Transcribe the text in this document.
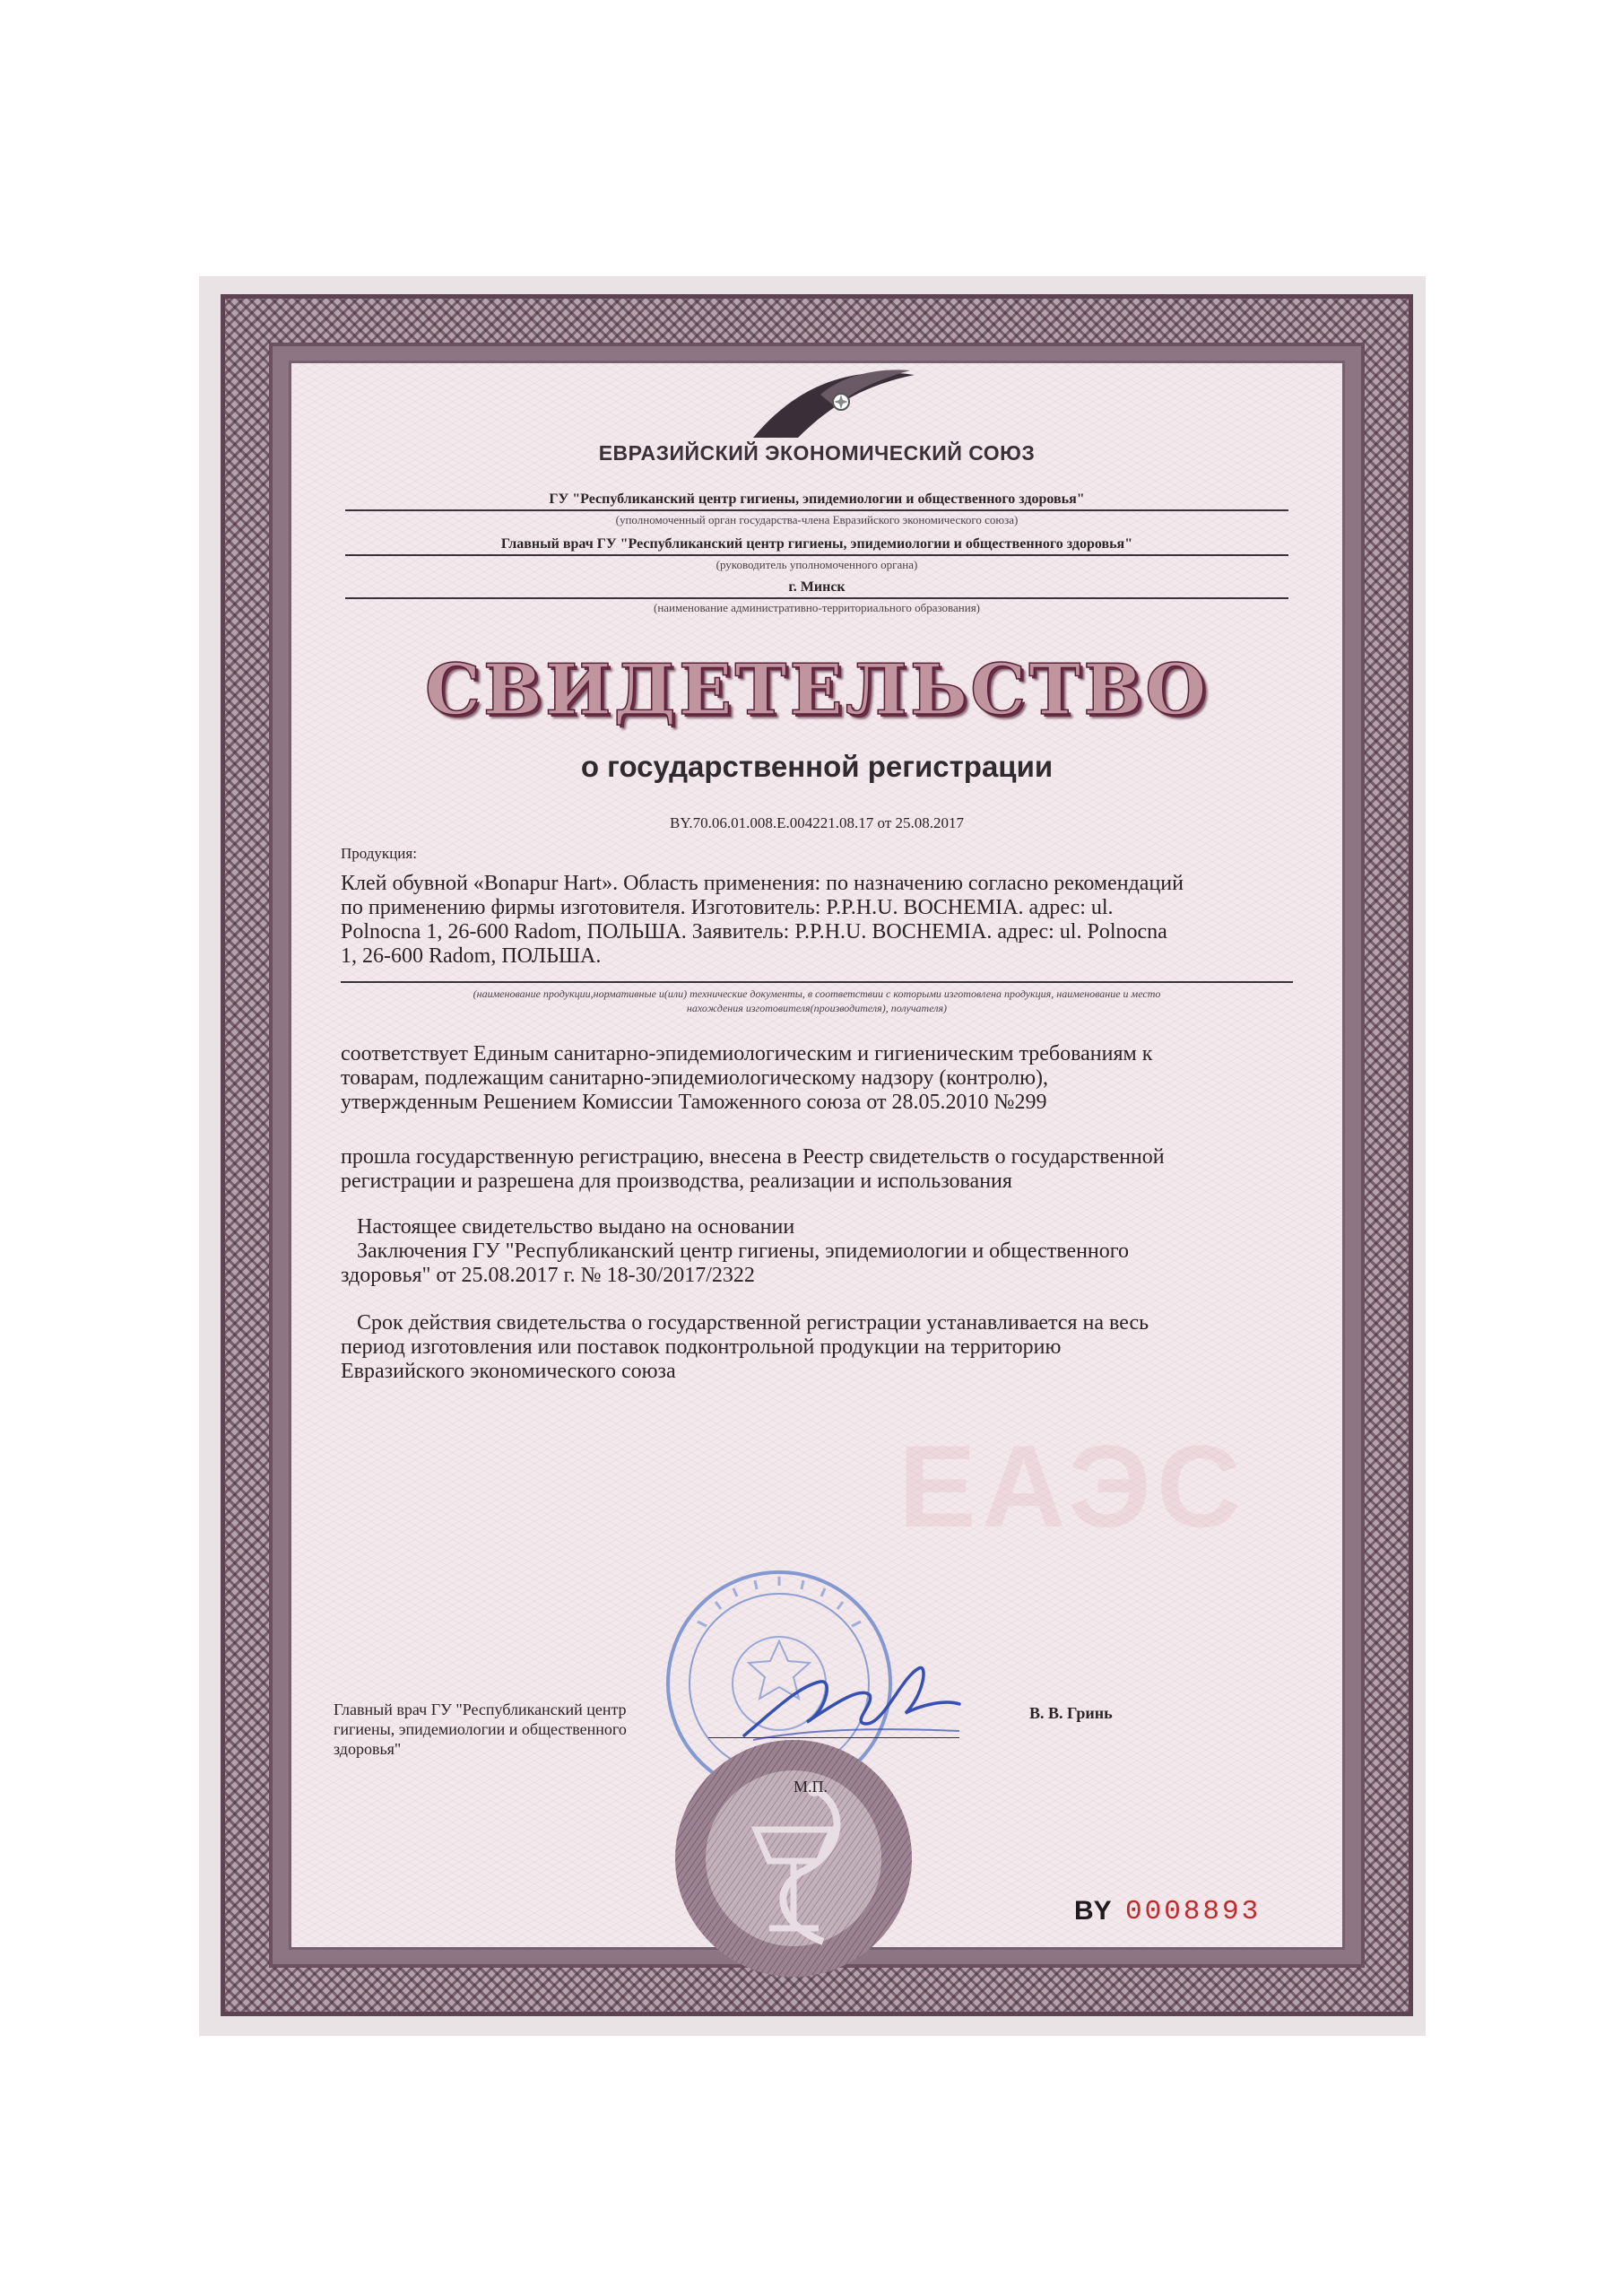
ЕВРАЗИЙСКИЙ ЭКОНОМИЧЕСКИЙ СОЮЗ
ГУ "Республиканский центр гигиены, эпидемиологии и общественного здоровья"
(уполномоченный орган государства-члена Евразийского экономического союза)
Главный врач ГУ "Республиканский центр гигиены, эпидемиологии и общественного здоровья"
(руководитель уполномоченного органа)
г. Минск
(наименование административно-территориального образования)
СВИДЕТЕЛЬСТВО
о государственной регистрации
BY.70.06.01.008.Е.004221.08.17 от 25.08.2017
Продукция:
Клей обувной «Bonapur Hart». Область применения: по назначению согласно рекомендаций
по применению фирмы изготовителя. Изготовитель: P.P.H.U. BOCHEMIA. адрес: ul.
Polnocna 1, 26-600 Radom, ПОЛЬША. Заявитель: P.P.H.U. BOCHEMIA. адрес: ul. Polnocna
1, 26-600 Radom, ПОЛЬША.
(наименование продукции,нормативные и(или) технические документы, в соответствии с которыми изготовлена продукция, наименование и место
нахождения изготовителя(производителя), получателя)
соответствует Единым санитарно-эпидемиологическим и гигиеническим требованиям к
товарам, подлежащим санитарно-эпидемиологическому надзору (контролю),
утвержденным Решением Комиссии Таможенного союза от 28.05.2010 №299
прошла государственную регистрацию, внесена в Реестр свидетельств о государственной
регистрации и разрешена для производства, реализации и использования
Настоящее свидетельство выдано на основании
Заключения ГУ "Республиканский центр гигиены, эпидемиологии и общественного
здоровья" от 25.08.2017 г. № 18-30/2017/2322
Срок действия свидетельства о государственной регистрации устанавливается на весь
период изготовления или поставок подконтрольной продукции на территорию
Евразийского экономического союза
ЕАЭС
Главный врач ГУ "Республиканский центр
гигиены, эпидемиологии и общественного
здоровья"
В. В. Гринь
М.П.
BY 0008893
